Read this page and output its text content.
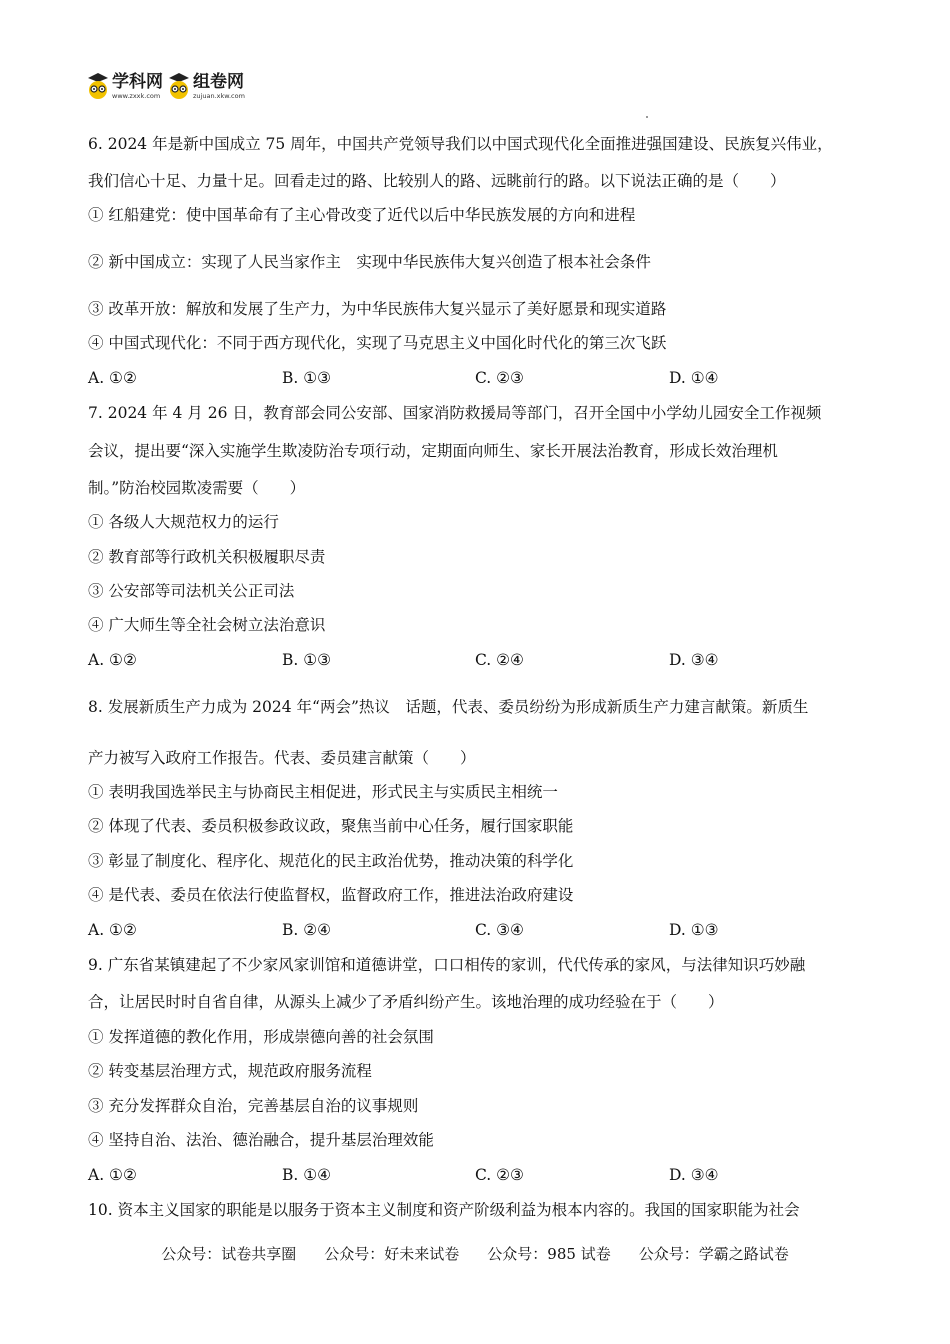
学科网
www.zxxk.com
组卷网
zujuan.xkw.com
6. 2024 年是新中国成立 75 周年，中国共产党领导我们以中国式现代化全面推进强国建设、民族复兴伟业，
我们信心十足、力量十足。回看走过的路、比较别人的路、远眺前行的路。以下说法正确的是（　　）
① 红船建党：使中国革命有了主心骨改变了近代以后中华民族发展的方向和进程
② 新中国成立：实现了人民当家作主　实现中华民族伟大复兴创造了根本社会条件
③ 改革开放：解放和发展了生产力，为中华民族伟大复兴显示了美好愿景和现实道路
④ 中国式现代化：不同于西方现代化，实现了马克思主义中国化时代化的第三次飞跃
A. ①②	B. ①③	C. ②③	D. ①④
7. 2024 年 4 月 26 日，教育部会同公安部、国家消防救援局等部门，召开全国中小学幼儿园安全工作视频
会议，提出要“深入实施学生欺凌防治专项行动，定期面向师生、家长开展法治教育，形成长效治理机
制。”防治校园欺凌需要（　　）
① 各级人大规范权力的运行
② 教育部等行政机关积极履职尽责
③ 公安部等司法机关公正司法
④ 广大师生等全社会树立法治意识
A. ①②	B. ①③	C. ②④	D. ③④
8. 发展新质生产力成为 2024 年“两会”热议　话题，代表、委员纷纷为形成新质生产力建言献策。新质生
产力被写入政府工作报告。代表、委员建言献策（　　）
① 表明我国选举民主与协商民主相促进，形式民主与实质民主相统一
② 体现了代表、委员积极参政议政，聚焦当前中心任务，履行国家职能
③ 彰显了制度化、程序化、规范化的民主政治优势，推动决策的科学化
④ 是代表、委员在依法行使监督权，监督政府工作，推进法治政府建设
A. ①②	B. ②④	C. ③④	D. ①③
9. 广东省某镇建起了不少家风家训馆和道德讲堂，口口相传的家训，代代传承的家风，与法律知识巧妙融
合，让居民时时自省自律，从源头上减少了矛盾纠纷产生。该地治理的成功经验在于（　　）
① 发挥道德的教化作用，形成崇德向善的社会氛围
② 转变基层治理方式，规范政府服务流程
③ 充分发挥群众自治，完善基层自治的议事规则
④ 坚持自治、法治、德治融合，提升基层治理效能
A. ①②	B. ①④	C. ②③	D. ③④
10. 资本主义国家的职能是以服务于资本主义制度和资产阶级利益为根本内容的。我国的国家职能为社会
公众号：试卷共享圈 公众号：好未来试卷 公众号：985 试卷 公众号：学霸之路试卷
